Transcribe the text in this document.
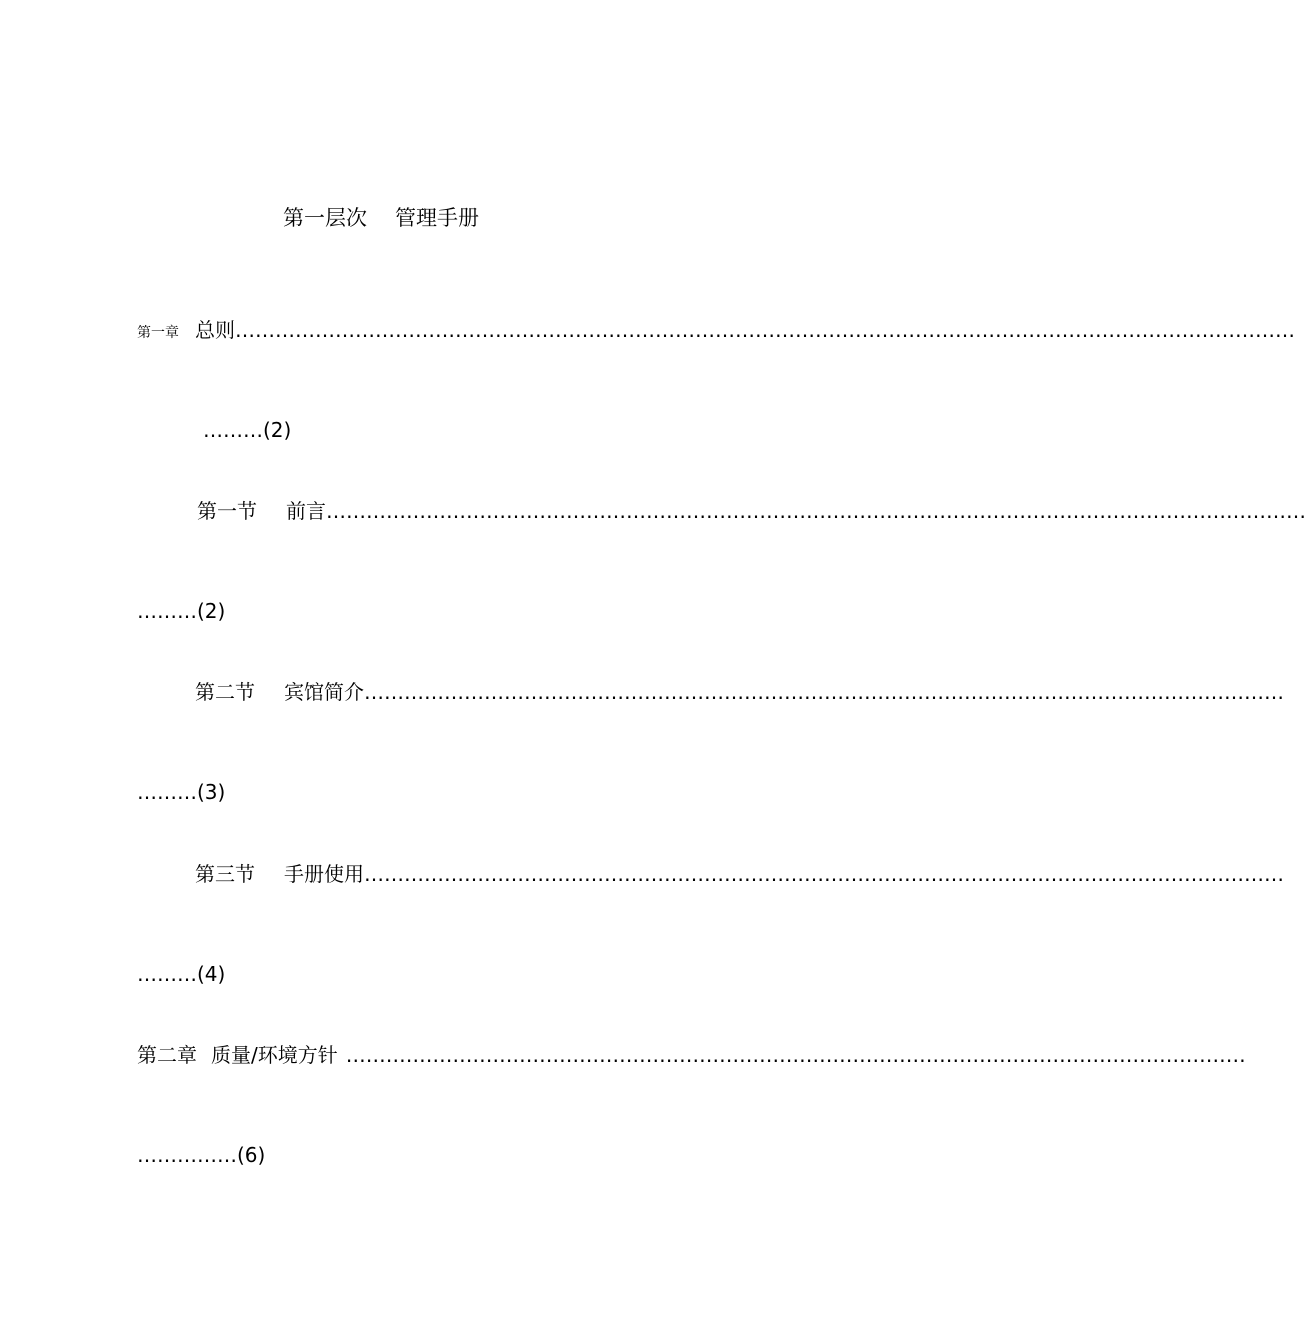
第一层次 管理手册
第一章 总则……………………………………………………………………………………………………………………………………………
………(2)
第一节 前言…………………………………………………………………………………………………………………………………
………(2)
第二节 宾馆简介…………………………………………………………………………………………………………………………
………(3)
第三节 手册使用…………………………………………………………………………………………………………………………
………(4)
第二章 质量/环境方针 ………………………………………………………………………………………………………………………
……………(6)
